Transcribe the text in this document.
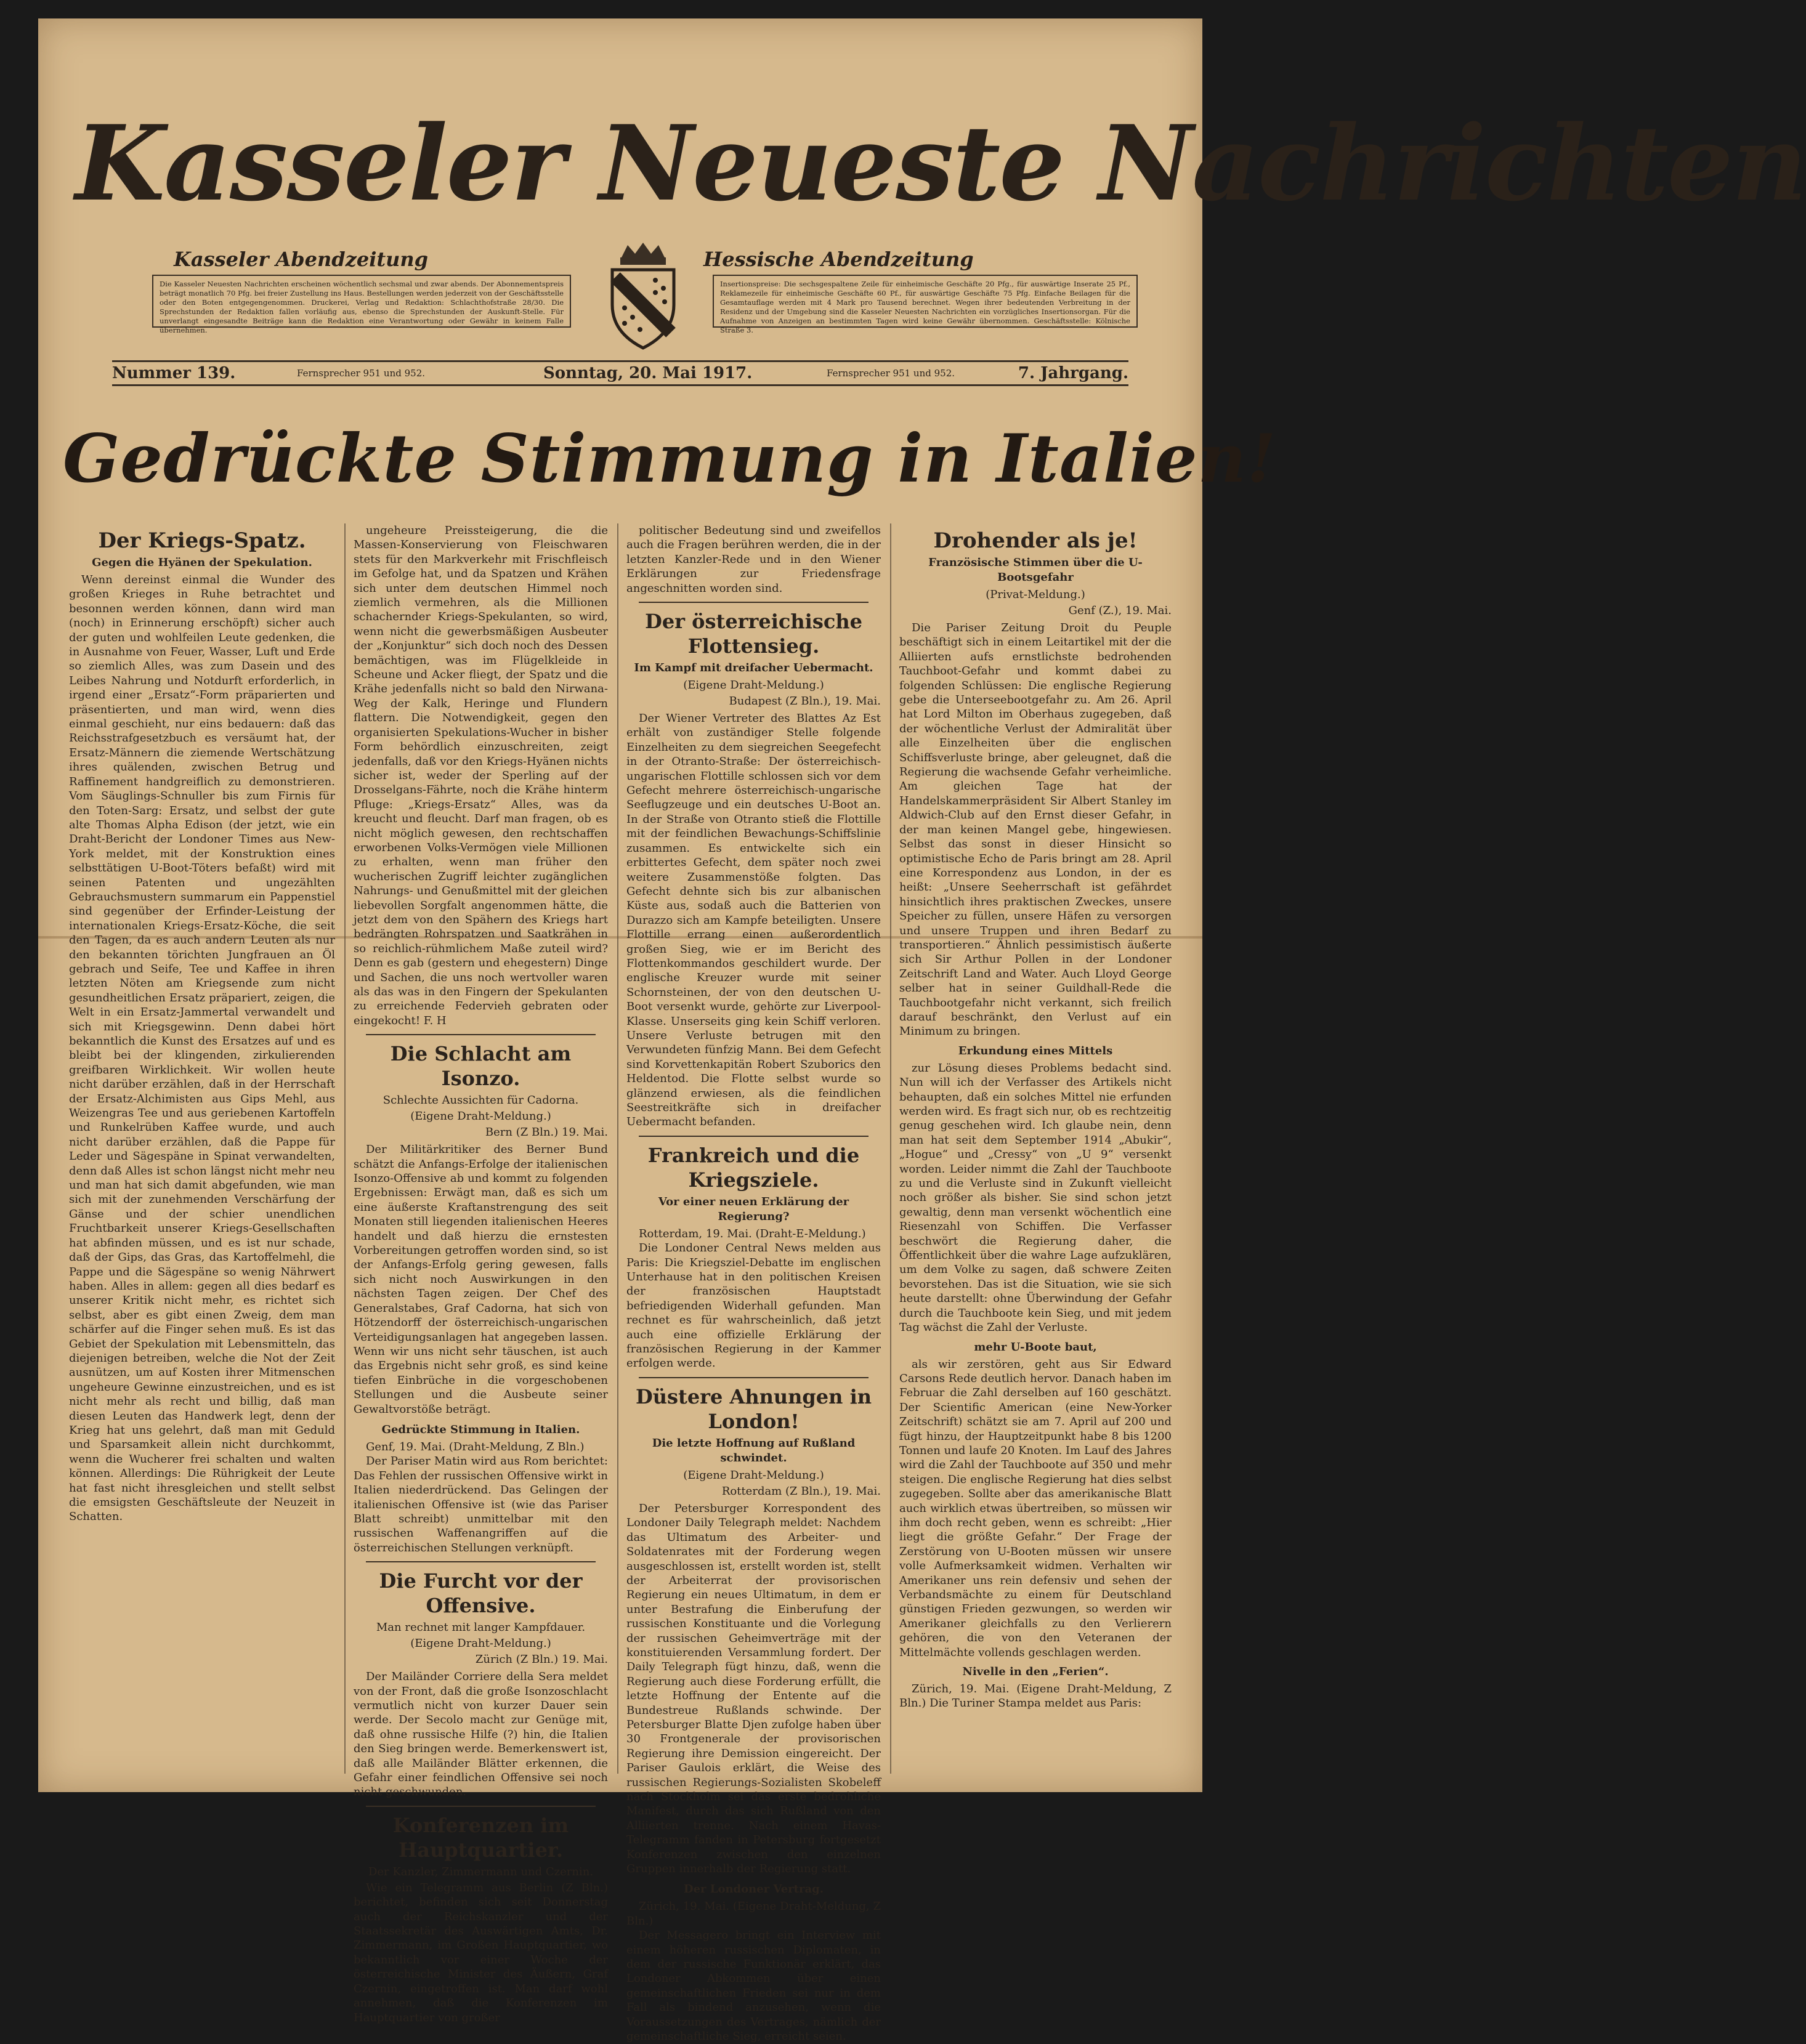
Kasseler Neueste Nachrichten
Kasseler Abendzeitung	Hessische Abendzeitung
Die Kasseler Neuesten Nachrichten erscheinen wöchentlich sechsmal und zwar abends. Der Abonnementspreis beträgt monatlich 70 Pfg. bei freier Zustellung ins Haus. Bestellungen werden jederzeit von der Geschäftsstelle oder den Boten entgegengenommen. Druckerei, Verlag und Redaktion: Schlachthofstraße 28/30. Die Sprechstunden der Redaktion fallen vorläufig aus, ebenso die Sprechstunden der Auskunft-Stelle. Für unverlangt eingesandte Beiträge kann die Redaktion eine Verantwortung oder Gewähr in keinem Falle übernehmen.
Insertionspreise: Die sechsgespaltene Zeile für einheimische Geschäfte 20 Pfg., für auswärtige Inserate 25 Pf., Reklamezeile für einheimische Geschäfte 60 Pf., für auswärtige Geschäfte 75 Pfg. Einfache Beilagen für die Gesamtauflage werden mit 4 Mark pro Tausend berechnet. Wegen ihrer bedeutenden Verbreitung in der Residenz und der Umgebung sind die Kasseler Neuesten Nachrichten ein vorzügliches Insertionsorgan. Für die Aufnahme von Anzeigen an bestimmten Tagen wird keine Gewähr übernommen. Geschäftsstelle: Kölnische Straße 3.
Nummer 139.	Fernsprecher 951 und 952.	Sonntag, 20. Mai 1917.	Fernsprecher 951 und 952.	7. Jahrgang.
Gedrückte Stimmung in Italien!
Der Kriegs-Spatz.
Gegen die Hyänen der Spekulation.

Wenn dereinst einmal die Wunder des großen Krieges in Ruhe betrachtet und besonnen werden können, dann wird man (noch) in Erinnerung erschöpft) sicher auch der guten und wohlfeilen Leute gedenken, die in Ausnahme von Feuer, Wasser, Luft und Erde so ziemlich Alles, was zum Dasein und des Leibes Nahrung und Notdurft erforderlich, in irgend einer „Ersatz“-Form präparierten und präsentierten, und man wird, wenn dies einmal geschieht, nur eins bedauern: daß das Reichsstrafgesetzbuch es versäumt hat, der Ersatz-Männern die ziemende Wertschätzung ihres quälenden, zwischen Betrug und Raffinement handgreiflich zu demonstrieren. Vom Säuglings-Schnuller bis zum Firnis für den Toten-Sarg: Ersatz, und selbst der gute alte Thomas Alpha Edison (der jetzt, wie ein Draht-Bericht der Londoner Times aus New-York meldet, mit der Konstruktion eines selbsttätigen U-Boot-Töters befaßt) wird mit seinen Patenten und ungezählten Gebrauchsmustern summarum ein Pappenstiel sind gegenüber der Erfinder-Leistung der internationalen Kriegs-Ersatz-Köche, die seit den Tagen, da es auch andern Leuten als nur den bekannten törichten Jungfrauen an Öl gebrach und Seife, Tee und Kaffee in ihren letzten Nöten am Kriegsende zum nicht gesundheitlichen Ersatz präpariert, zeigen, die Welt in ein Ersatz-Jammertal verwandelt und sich mit Kriegsgewinn. Denn dabei hört bekanntlich die Kunst des Ersatzes auf und es bleibt bei der klingenden, zirkulierenden greifbaren Wirklichkeit. Wir wollen heute nicht darüber erzählen, daß in der Herrschaft der Ersatz-Alchimisten aus Gips Mehl, aus Weizengras Tee und aus geriebenen Kartoffeln und Runkelrüben Kaffee wurde, und auch nicht darüber erzählen, daß die Pappe für Leder und Sägespäne in Spinat verwandelten, denn daß Alles ist schon längst nicht mehr neu und man hat sich damit abgefunden, wie man sich mit der zunehmenden Verschärfung der Gänse und der schier unendlichen Fruchtbarkeit unserer Kriegs-Gesellschaften hat abfinden müssen, und es ist nur schade, daß der Gips, das Gras, das Kartoffelmehl, die Pappe und die Sägespäne so wenig Nährwert haben. Alles in allem: gegen all dies bedarf es unserer Kritik nicht mehr, es richtet sich selbst, aber es gibt einen Zweig, dem man schärfer auf die Finger sehen muß. Es ist das Gebiet der Spekulation mit Lebensmitteln, das diejenigen betreiben, welche die Not der Zeit ausnützen, um auf Kosten ihrer Mitmenschen ungeheure Gewinne einzustreichen, und es ist nicht mehr als recht und billig, daß man diesen Leuten das Handwerk legt, denn der Krieg hat uns gelehrt, daß man mit Geduld und Sparsamkeit allein nicht durchkommt, wenn die Wucherer frei schalten und walten können. Allerdings: Die Rührigkeit der Leute hat fast nicht ihresgleichen und stellt selbst die emsigsten Geschäftsleute der Neuzeit in Schatten.

ungeheure Preissteigerung, die die Massen-Konservierung von Fleischwaren stets für den Markverkehr mit Frischfleisch im Gefolge hat, und da Spatzen und Krähen sich unter dem deutschen Himmel noch ziemlich vermehren, als die Millionen schachernder Kriegs-Spekulanten, so wird, wenn nicht die gewerbsmäßigen Ausbeuter der „Konjunktur“ sich doch noch des Dessen bemächtigen, was im Flügelkleide in Scheune und Acker fliegt, der Spatz und die Krähe jedenfalls nicht so bald den Nirwana-Weg der Kalk, Heringe und Flundern flattern. Die Notwendigkeit, gegen den organisierten Spekulations-Wucher in bisher Form behördlich einzuschreiten, zeigt jedenfalls, daß vor den Kriegs-Hyänen nichts sicher ist, weder der Sperling auf der Drosselgans-Fährte, noch die Krähe hinterm Pfluge: „Kriegs-Ersatz“ Alles, was da kreucht und fleucht. Darf man fragen, ob es nicht möglich gewesen, den rechtschaffen erworbenen Volks-Vermögen viele Millionen zu erhalten, wenn man früher den wucherischen Zugriff leichter zugänglichen Nahrungs- und Genußmittel mit der gleichen liebevollen Sorgfalt angenommen hätte, die jetzt dem von den Spähern des Kriegs hart bedrängten Rohrspatzen und Saatkrähen in so reichlich-rühmlichem Maße zuteil wird? Denn es gab (gestern und ehegestern) Dinge und Sachen, die uns noch wertvoller waren als das was in den Fingern der Spekulanten zu erreichende Federvieh gebraten oder eingekocht! F. H

Die Schlacht am Isonzo.
Schlechte Aussichten für Cadorna.
(Eigene Draht-Meldung.)
Bern (Z Bln.) 19. Mai.

Der Militärkritiker des Berner Bund schätzt die Anfangs-Erfolge der italienischen Isonzo-Offensive ab und kommt zu folgenden Ergebnissen: Erwägt man, daß es sich um eine äußerste Kraftanstrengung des seit Monaten still liegenden italienischen Heeres handelt und daß hierzu die ernstesten Vorbereitungen getroffen worden sind, so ist der Anfangs-Erfolg gering gewesen, falls sich nicht noch Auswirkungen in den nächsten Tagen zeigen. Der Chef des Generalstabes, Graf Cadorna, hat sich von Hötzendorff der österreichisch-ungarischen Verteidigungsanlagen hat angegeben lassen. Wenn wir uns nicht sehr täuschen, ist auch das Ergebnis nicht sehr groß, es sind keine tiefen Einbrüche in die vorgeschobenen Stellungen und die Ausbeute seiner Gewaltvorstöße beträgt.

Gedrückte Stimmung in Italien.

Genf, 19. Mai. (Draht-Meldung, Z Bln.)

Der Pariser Matin wird aus Rom berichtet: Das Fehlen der russischen Offensive wirkt in Italien niederdrückend. Das Gelingen der italienischen Offensive ist (wie das Pariser Blatt schreibt) unmittelbar mit den russischen Waffenangriffen auf die österreichischen Stellungen verknüpft.

Die Furcht vor der Offensive.
Man rechnet mit langer Kampfdauer.
(Eigene Draht-Meldung.)
Zürich (Z Bln.) 19. Mai.

Der Mailänder Corriere della Sera meldet von der Front, daß die große Isonzoschlacht vermutlich nicht von kurzer Dauer sein werde. Der Secolo macht zur Genüge mit, daß ohne russische Hilfe (?) hin, die Italien den Sieg bringen werde. Bemerkenswert ist, daß alle Mailänder Blätter erkennen, die Gefahr einer feindlichen Offensive sei noch nicht geschwunden.

Konferenzen im Hauptquartier.
Der Kanzler, Zimmermann und Czernin.

Wie ein Telegramm aus Berlin (Z Bln.) berichtet, befinden sich seit Donnerstag auch der Reichskanzler und der Staatssekretär des Auswärtigen Amts, Dr. Zimmermann, im Großen Hauptquartier, wo bekanntlich vor einer Woche der österreichische Minister des Äußern, Graf Czernin, eingetroffen ist. Man darf wohl annehmen, daß die Konferenzen im Hauptquartier von großer

politischer Bedeutung sind und zweifellos auch die Fragen berühren werden, die in der letzten Kanzler-Rede und in den Wiener Erklärungen zur Friedensfrage angeschnitten worden sind.

Der österreichische Flottensieg.
Im Kampf mit dreifacher Uebermacht.
(Eigene Draht-Meldung.)
Budapest (Z Bln.), 19. Mai.

Der Wiener Vertreter des Blattes Az Est erhält von zuständiger Stelle folgende Einzelheiten zu dem siegreichen Seegefecht in der Otranto-Straße: Der österreichisch-ungarischen Flottille schlossen sich vor dem Gefecht mehrere österreichisch-ungarische Seeflugzeuge und ein deutsches U-Boot an. In der Straße von Otranto stieß die Flottille mit der feindlichen Bewachungs-Schiffslinie zusammen. Es entwickelte sich ein erbittertes Gefecht, dem später noch zwei weitere Zusammenstöße folgten. Das Gefecht dehnte sich bis zur albanischen Küste aus, sodaß auch die Batterien von Durazzo sich am Kampfe beteiligten. Unsere Flottille errang einen außerordentlich großen Sieg, wie er im Bericht des Flottenkommandos geschildert wurde. Der englische Kreuzer wurde mit seiner Schornsteinen, der von den deutschen U-Boot versenkt wurde, gehörte zur Liverpool-Klasse. Unserseits ging kein Schiff verloren. Unsere Verluste betrugen mit den Verwundeten fünfzig Mann. Bei dem Gefecht sind Korvettenkapitän Robert Szuborics den Heldentod. Die Flotte selbst wurde so glänzend erwiesen, als die feindlichen Seestreitkräfte sich in dreifacher Uebermacht befanden.

Frankreich und die Kriegsziele.
Vor einer neuen Erklärung der Regierung?

Rotterdam, 19. Mai. (Draht-E-Meldung.)

Die Londoner Central News melden aus Paris: Die Kriegsziel-Debatte im englischen Unterhause hat in den politischen Kreisen der französischen Hauptstadt befriedigenden Widerhall gefunden. Man rechnet es für wahrscheinlich, daß jetzt auch eine offizielle Erklärung der französischen Regierung in der Kammer erfolgen werde.

Düstere Ahnungen in London!
Die letzte Hoffnung auf Rußland schwindet.
(Eigene Draht-Meldung.)
Rotterdam (Z Bln.), 19. Mai.

Der Petersburger Korrespondent des Londoner Daily Telegraph meldet: Nachdem das Ultimatum des Arbeiter- und Soldatenrates mit der Forderung wegen ausgeschlossen ist, erstellt worden ist, stellt der Arbeiterrat der provisorischen Regierung ein neues Ultimatum, in dem er unter Bestrafung die Einberufung der russischen Konstituante und die Vorlegung der russischen Geheimverträge mit der konstituierenden Versammlung fordert. Der Daily Telegraph fügt hinzu, daß, wenn die Regierung auch diese Forderung erfüllt, die letzte Hoffnung der Entente auf die Bundestreue Rußlands schwinde. Der Petersburger Blatte Djen zufolge haben über 30 Frontgenerale der provisorischen Regierung ihre Demission eingereicht. Der Pariser Gaulois erklärt, die Weise des russischen Regierungs-Sozialisten Skobeleff nach Stockholm sei das erste bedrohliche Manifest, durch das sich Rußland von den Alliierten trenne. Nach einem Havas-Telegramm fanden in Petersburg fortgesetzt Konferenzen zwischen den einzelnen Gruppen innerhalb der Regierung statt.

Der Londoner Vertrag.

Zürich, 19. Mai. (Eigene Draht-Meldung, Z Bln.)

Der Messagero bringt ein Interview mit einem höheren russischen Diplomaten, in dem der russische Funktionär erklärt, das Londoner Abkommen über einen gemeinschaftlichen Frieden sei nur in dem Fall als bindend anzusehen, wenn die Voraussetzungen des Vertrages, nämlich der gemeinschaftliche Sieg, erreicht seien.

Drohender als je!
Französische Stimmen über die U-Bootsgefahr
(Privat-Meldung.)
Genf (Z.), 19. Mai.

Die Pariser Zeitung Droit du Peuple beschäftigt sich in einem Leitartikel mit der die Alliierten aufs ernstlichste bedrohenden Tauchboot-Gefahr und kommt dabei zu folgenden Schlüssen: Die englische Regierung gebe die Unterseebootgefahr zu. Am 26. April hat Lord Milton im Oberhaus zugegeben, daß der wöchentliche Verlust der Admiralität über alle Einzelheiten über die englischen Schiffsverluste bringe, aber geleugnet, daß die Regierung die wachsende Gefahr verheimliche. Am gleichen Tage hat der Handelskammerpräsident Sir Albert Stanley im Aldwich-Club auf den Ernst dieser Gefahr, in der man keinen Mangel gebe, hingewiesen. Selbst das sonst in dieser Hinsicht so optimistische Echo de Paris bringt am 28. April eine Korrespondenz aus London, in der es heißt: „Unsere Seeherrschaft ist gefährdet hinsichtlich ihres praktischen Zweckes, unsere Speicher zu füllen, unsere Häfen zu versorgen und unsere Truppen und ihren Bedarf zu transportieren.“ Ähnlich pessimistisch äußerte sich Sir Arthur Pollen in der Londoner Zeitschrift Land and Water. Auch Lloyd George selber hat in seiner Guildhall-Rede die Tauchbootgefahr nicht verkannt, sich freilich darauf beschränkt, den Verlust auf ein Minimum zu bringen.

Erkundung eines Mittels

zur Lösung dieses Problems bedacht sind. Nun will ich der Verfasser des Artikels nicht behaupten, daß ein solches Mittel nie erfunden werden wird. Es fragt sich nur, ob es rechtzeitig genug geschehen wird. Ich glaube nein, denn man hat seit dem September 1914 „Abukir“, „Hogue“ und „Cressy“ von „U 9“ versenkt worden. Leider nimmt die Zahl der Tauchboote zu und die Verluste sind in Zukunft vielleicht noch größer als bisher. Sie sind schon jetzt gewaltig, denn man versenkt wöchentlich eine Riesenzahl von Schiffen. Die Verfasser beschwört die Regierung daher, die Öffentlichkeit über die wahre Lage aufzuklären, um dem Volke zu sagen, daß schwere Zeiten bevorstehen. Das ist die Situation, wie sie sich heute darstellt: ohne Überwindung der Gefahr durch die Tauchboote kein Sieg, und mit jedem Tag wächst die Zahl der Verluste.

mehr U-Boote baut,

als wir zerstören, geht aus Sir Edward Carsons Rede deutlich hervor. Danach haben im Februar die Zahl derselben auf 160 geschätzt. Der Scientific American (eine New-Yorker Zeitschrift) schätzt sie am 7. April auf 200 und fügt hinzu, der Hauptzeitpunkt habe 8 bis 1200 Tonnen und laufe 20 Knoten. Im Lauf des Jahres wird die Zahl der Tauchboote auf 350 und mehr steigen. Die englische Regierung hat dies selbst zugegeben. Sollte aber das amerikanische Blatt auch wirklich etwas übertreiben, so müssen wir ihm doch recht geben, wenn es schreibt: „Hier liegt die größte Gefahr.“ Der Frage der Zerstörung von U-Booten müssen wir unsere volle Aufmerksamkeit widmen. Verhalten wir Amerikaner uns rein defensiv und sehen der Verbandsmächte zu einem für Deutschland günstigen Frieden gezwungen, so werden wir Amerikaner gleichfalls zu den Verlierern gehören, die von den Veteranen der Mittelmächte vollends geschlagen werden.

Nivelle in den „Ferien“.

Zürich, 19. Mai. (Eigene Draht-Meldung, Z Bln.) Die Turiner Stampa meldet aus Paris:
